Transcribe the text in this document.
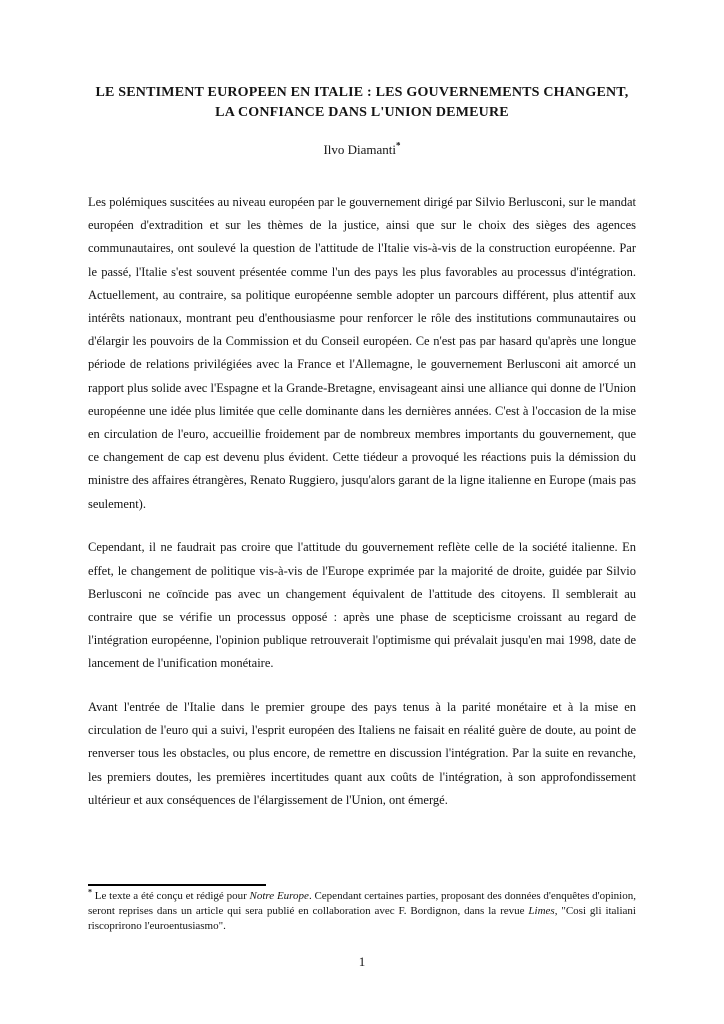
LE SENTIMENT EUROPEEN EN ITALIE : LES GOUVERNEMENTS CHANGENT,
LA CONFIANCE DANS L'UNION DEMEURE
Ilvo Diamanti*

Les polémiques suscitées au niveau européen par le gouvernement dirigé par Silvio Berlusconi, sur le mandat européen d'extradition et sur les thèmes de la justice, ainsi que sur le choix des sièges des agences communautaires, ont soulevé la question de l'attitude de l'Italie vis-à-vis de la construction européenne. Par le passé, l'Italie s'est souvent présentée comme l'un des pays les plus favorables au processus d'intégration. Actuellement, au contraire, sa politique européenne semble adopter un parcours différent, plus attentif aux intérêts nationaux, montrant peu d'enthousiasme pour renforcer le rôle des institutions communautaires ou d'élargir les pouvoirs de la Commission et du Conseil européen. Ce n'est pas par hasard qu'après une longue période de relations privilégiées avec la France et l'Allemagne, le gouvernement Berlusconi ait amorcé un rapport plus solide avec l'Espagne et la Grande-Bretagne, envisageant ainsi une alliance qui donne de l'Union européenne une idée plus limitée que celle dominante dans les dernières années. C'est à l'occasion de la mise en circulation de l'euro, accueillie froidement par de nombreux membres importants du gouvernement, que ce changement de cap est devenu plus évident. Cette tiédeur a provoqué les réactions puis la démission du ministre des affaires étrangères, Renato Ruggiero, jusqu'alors garant de la ligne italienne en Europe (mais pas seulement).

Cependant, il ne faudrait pas croire que l'attitude du gouvernement reflète celle de la société italienne. En effet, le changement de politique vis-à-vis de l'Europe exprimée par la majorité de droite, guidée par Silvio Berlusconi ne coïncide pas avec un changement équivalent de l'attitude des citoyens. Il semblerait au contraire que se vérifie un processus opposé : après une phase de scepticisme croissant au regard de l'intégration européenne, l'opinion publique retrouverait l'optimisme qui prévalait jusqu'en mai 1998, date de lancement de l'unification monétaire.

Avant l'entrée de l'Italie dans le premier groupe des pays tenus à la parité monétaire et à la mise en circulation de l'euro qui a suivi, l'esprit européen des Italiens ne faisait en réalité guère de doute, au point de renverser tous les obstacles, ou plus encore, de remettre en discussion l'intégration. Par la suite en revanche, les premiers doutes, les premières incertitudes quant aux coûts de l'intégration, à son approfondissement ultérieur et aux conséquences de l'élargissement de l'Union, ont émergé.

* Le texte a été conçu et rédigé pour Notre Europe. Cependant certaines parties, proposant des données d'enquêtes d'opinion, seront reprises dans un article qui sera publié en collaboration avec F. Bordignon, dans la revue Limes, "Cosi gli italiani riscoprirono l'euroentusiasmo".

1
